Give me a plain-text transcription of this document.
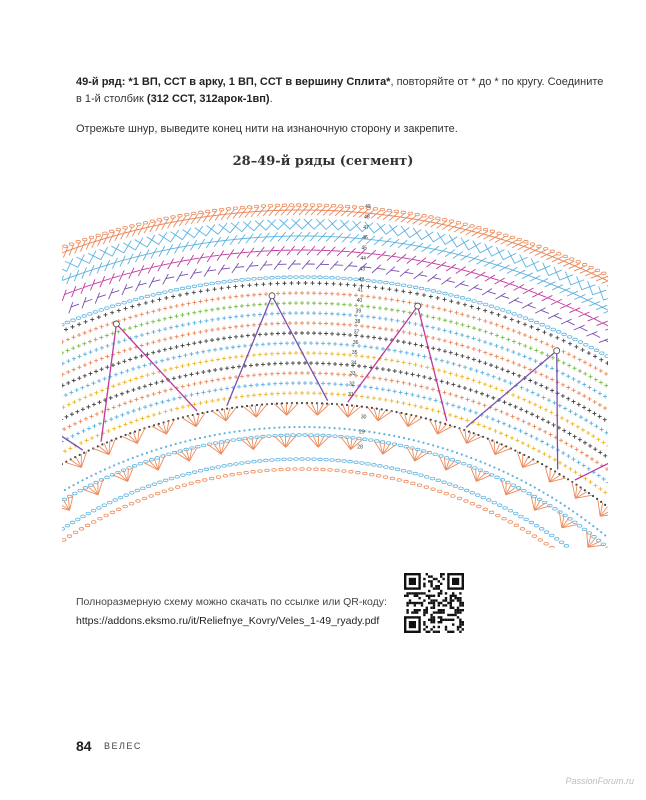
49-й ряд: *1 ВП, ССТ в арку, 1 ВП, ССТ в вершину Сплита*, повторяйте от * до * по кругу. Соедините в 1-й столбик (312 ССТ, 312арок-1вп).
Отрежьте шнур, выведите конец нити на изнаночную сторону и закрепите.
28–49-й ряды (сегмент)
49
48
47
46
45
44
43
42
41
40
39
38
37
36
35
34
33
32
31
30
29
28
Полноразмерную схему можно скачать по ссылке или QR-коду:
https://addons.eksmo.ru/it/Reliefnye_Kovry/Veles_1-49_ryady.pdf
84 ВЕЛЕС
PassionForum.ru
